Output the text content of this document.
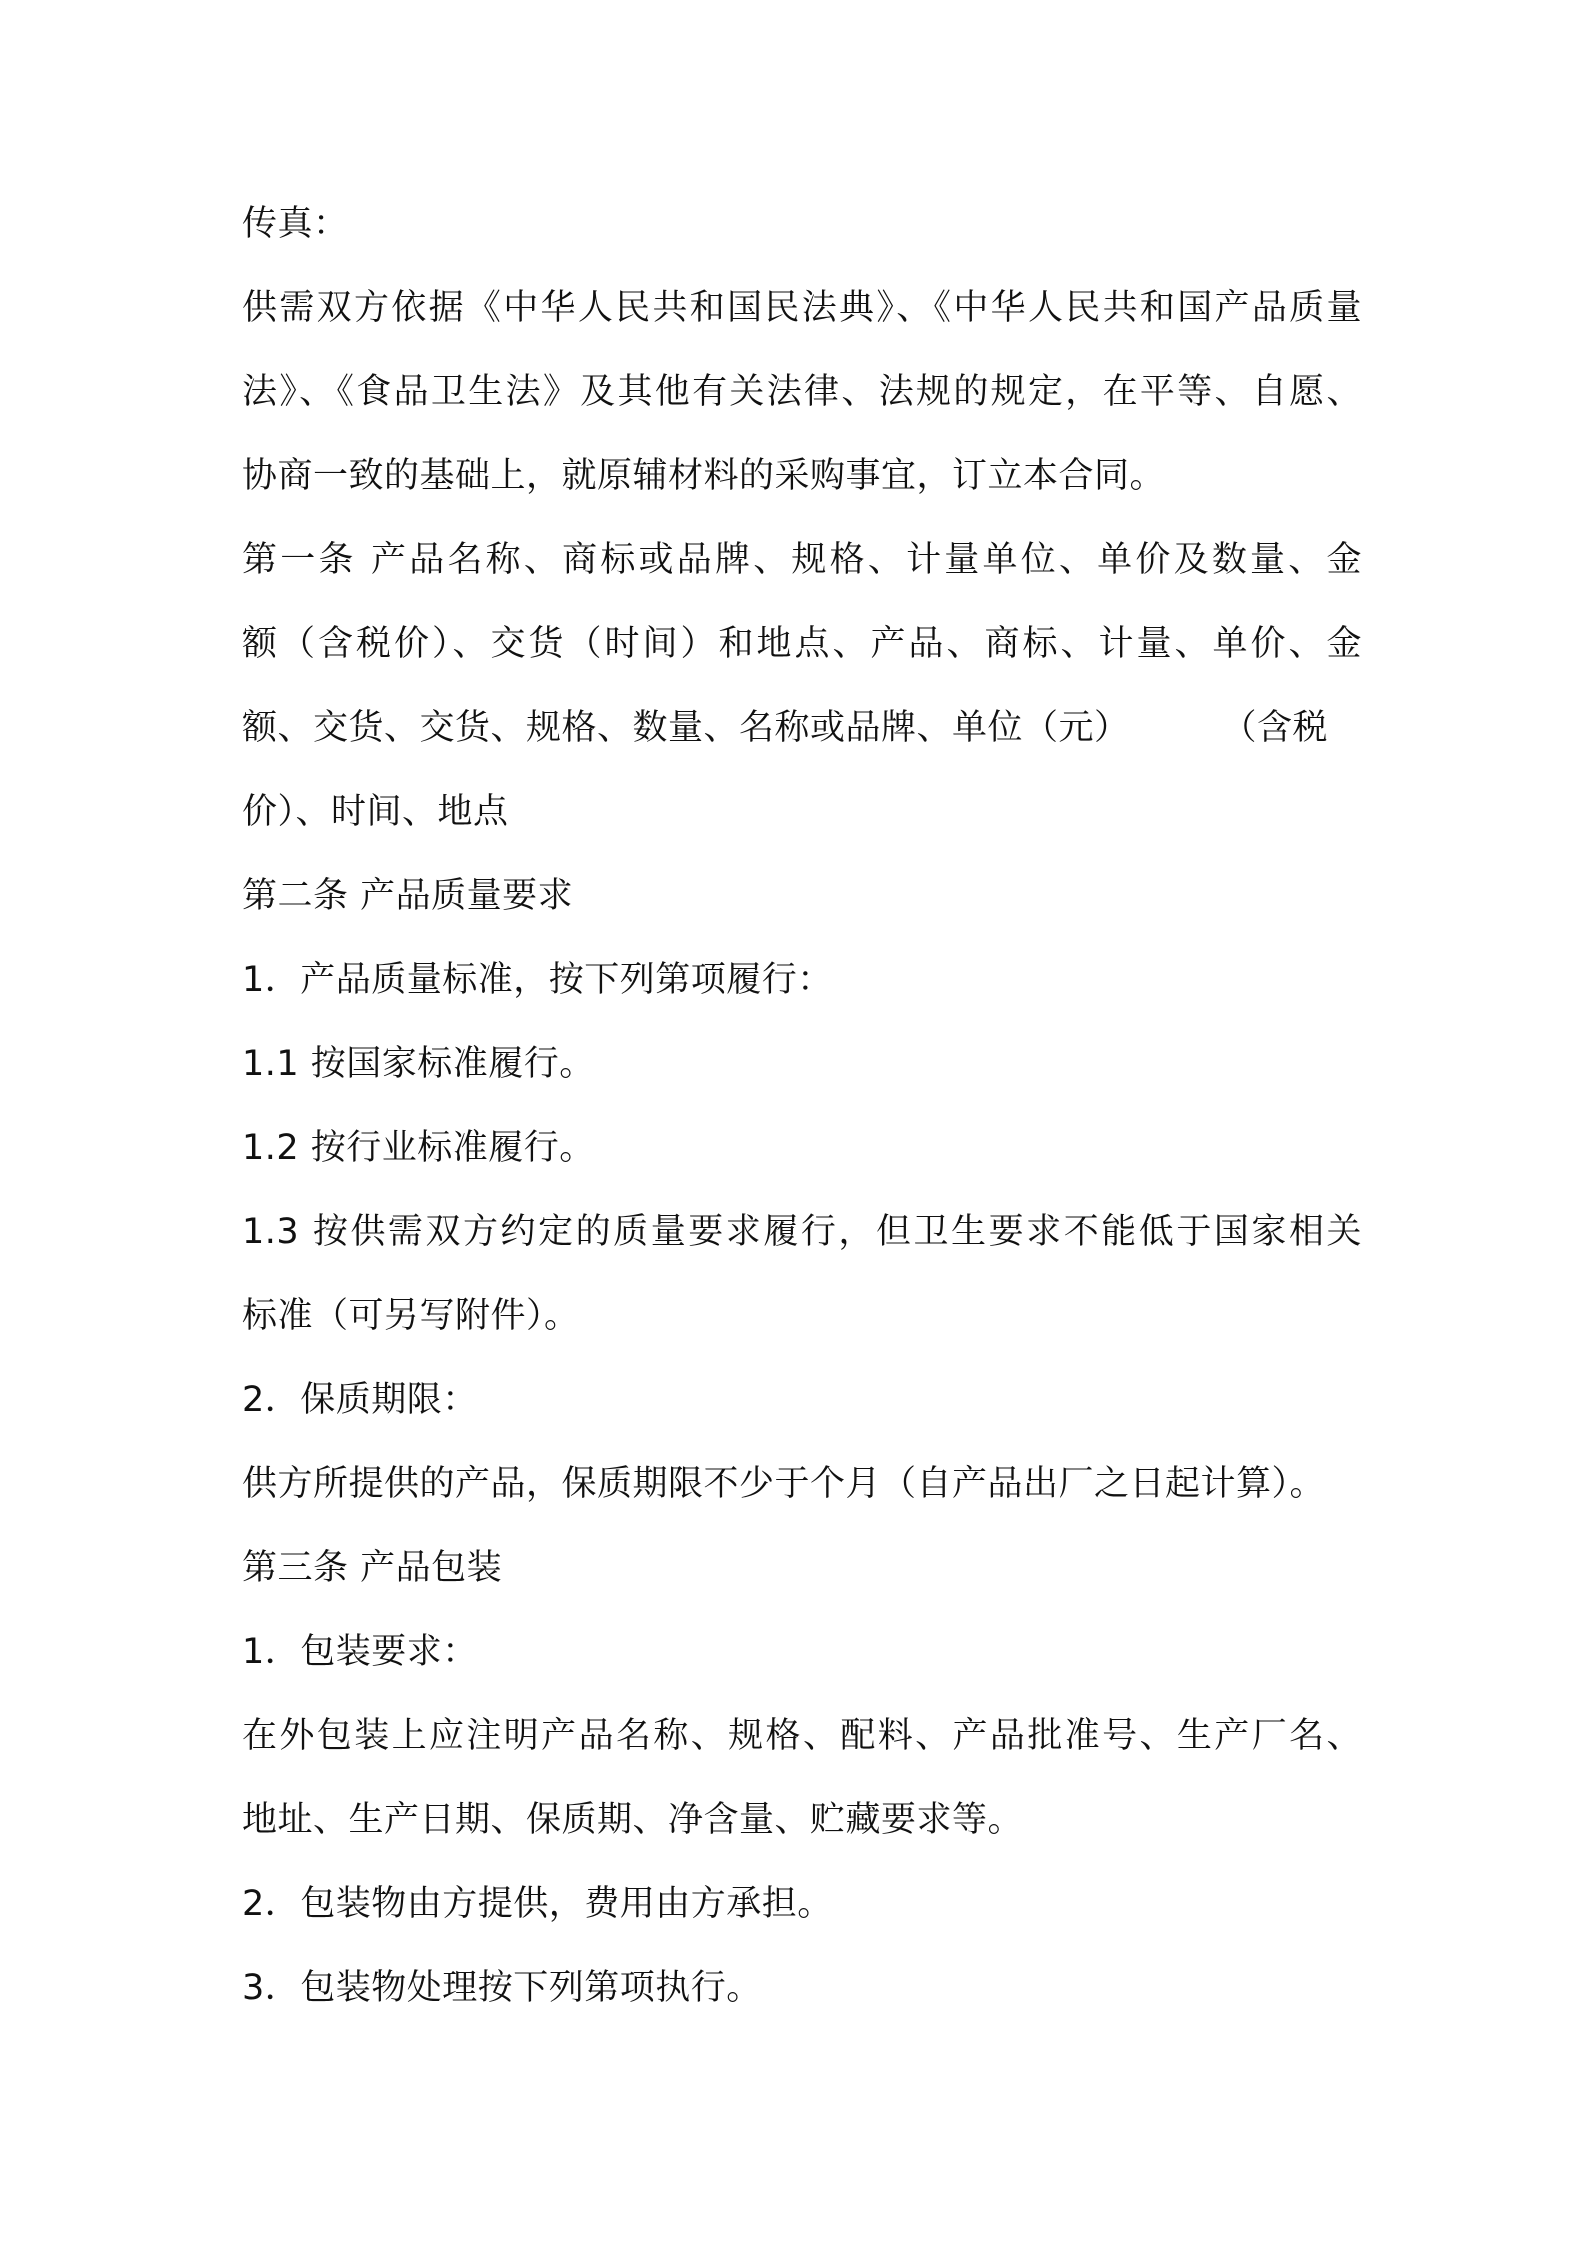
传真：
供需双方依据《中华人民共和国民法典》、《中华人民共和国产品质量
法》、《食品卫生法》及其他有关法律、法规的规定，在平等、自愿、
协商一致的基础上，就原辅材料的采购事宜，订立本合同。
第一条 产品名称、商标或品牌、规格、计量单位、单价及数量、金
额（含税价）、交货（时间）和地点、产品、商标、计量、单价、金
额、交货、交货、规格、数量、名称或品牌、单位（元）	（含税
价）、时间、地点
第二条 产品质量要求
1．产品质量标准，按下列第项履行：
1.1 按国家标准履行。
1.2 按行业标准履行。
1.3 按供需双方约定的质量要求履行，但卫生要求不能低于国家相关
标准（可另写附件）。
2．保质期限：
供方所提供的产品，保质期限不少于个月（自产品出厂之日起计算）。
第三条 产品包装
1．包装要求：
在外包装上应注明产品名称、规格、配料、产品批准号、生产厂名、
地址、生产日期、保质期、净含量、贮藏要求等。
2．包装物由方提供，费用由方承担。
3．包装物处理按下列第项执行。
